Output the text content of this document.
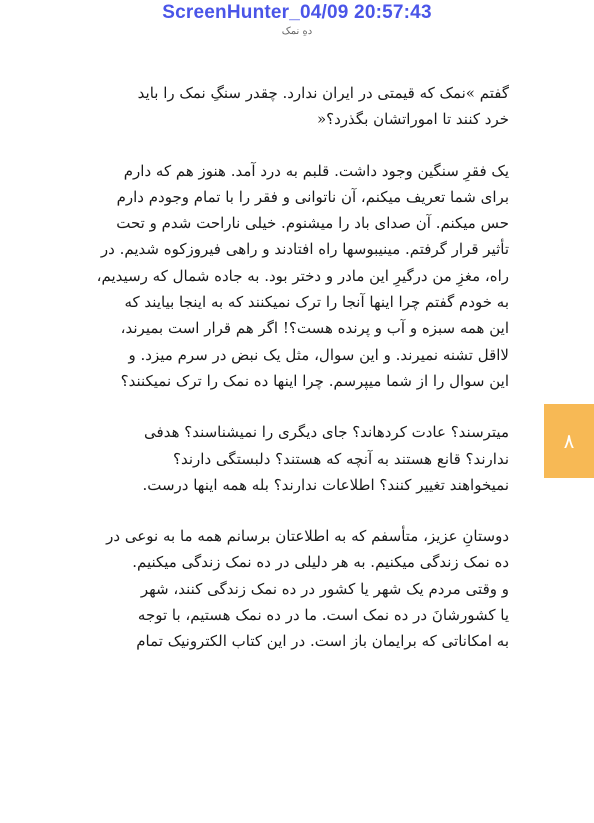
ScreenHunter_04/09 20:57:43
دهِ نمک

گفتم »نمک که قیمتی در ایران ندارد. چقدر سنگِ نمک را باید
خرد کنند تا اموراتشان بگذرد؟«

یک فقرِ سنگین وجود داشت. قلبم به درد آمد. هنوز هم که دارم
برای شما تعریف میکنم، آن ناتوانی و فقر را با تمام وجودم دارم
حس میکنم. آن صدای باد را میشنوم. خیلی ناراحت شدم و تحت
تأثیر قرار گرفتم. مینیبوسها راه افتادند و راهی فیروزکوه شدیم. در
راه، مغزِ من درگیرِ این مادر و دختر بود. به جاده شمال که رسیدیم،
به خودم گفتم چرا اینها آنجا را ترک نمیکنند که به اینجا بیایند که
این همه سبزه و آب و پرنده هست؟! اگر هم قرار است بمیرند،
لااقل تشنه نمیرند. و این سوال، مثل یک نبض در سرم میزد. و
این سوال را از شما میپرسم. چرا اینها ده نمک را ترک نمیکنند؟

میترسند؟ عادت کردهاند؟ جای دیگری را نمیشناسند؟ هدفی
ندارند؟ قانع هستند به آنچه که هستند؟ دلبستگی دارند؟
نمیخواهند تغییر کنند؟ اطلاعات ندارند؟ بله همه اینها درست.

دوستانِ عزیز، متأسفم که به اطلاعتان برسانم همه ما به نوعی در
ده نمک زندگی میکنیم. به هر دلیلی در ده نمک زندگی میکنیم.
و وقتی مردم یک شهر یا کشور در ده نمک زندگی کنند، شهر
یا کشورشانَ در ده نمک است. ما در ده نمک هستیم، با توجه
به امکاناتی که برایمان باز است. در این کتاب الکترونیک تمام

۸
